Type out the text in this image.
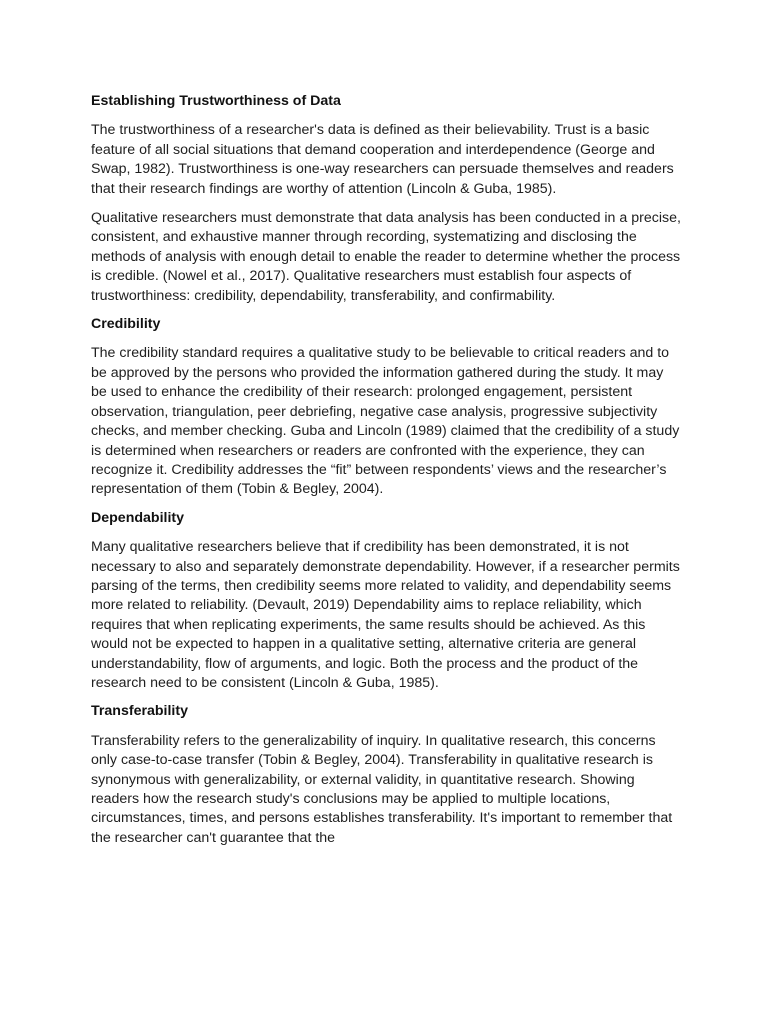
Establishing Trustworthiness of Data

The trustworthiness of a researcher's data is defined as their believability. Trust is a basic feature of all social situations that demand cooperation and interdependence (George and Swap, 1982). Trustworthiness is one-way researchers can persuade themselves and readers that their research findings are worthy of attention (Lincoln & Guba, 1985).

Qualitative researchers must demonstrate that data analysis has been conducted in a precise, consistent, and exhaustive manner through recording, systematizing and disclosing the methods of analysis with enough detail to enable the reader to determine whether the process is credible. (Nowel et al., 2017). Qualitative researchers must establish four aspects of trustworthiness: credibility, dependability, transferability, and confirmability.

Credibility

The credibility standard requires a qualitative study to be believable to critical readers and to be approved by the persons who provided the information gathered during the study. It may be used to enhance the credibility of their research: prolonged engagement, persistent observation, triangulation, peer debriefing, negative case analysis, progressive subjectivity checks, and member checking. Guba and Lincoln (1989) claimed that the credibility of a study is determined when researchers or readers are confronted with the experience, they can recognize it. Credibility addresses the “fit” between respondents’ views and the researcher’s representation of them (Tobin & Begley, 2004).

Dependability

Many qualitative researchers believe that if credibility has been demonstrated, it is not necessary to also and separately demonstrate dependability. However, if a researcher permits parsing of the terms, then credibility seems more related to validity, and dependability seems more related to reliability. (Devault, 2019) Dependability aims to replace reliability, which requires that when replicating experiments, the same results should be achieved. As this would not be expected to happen in a qualitative setting, alternative criteria are general understandability, flow of arguments, and logic. Both the process and the product of the research need to be consistent (Lincoln & Guba, 1985).

Transferability

Transferability refers to the generalizability of inquiry. In qualitative research, this concerns only case-to-case transfer (Tobin & Begley, 2004). Transferability in qualitative research is synonymous with generalizability, or external validity, in quantitative research. Showing readers how the research study's conclusions may be applied to multiple locations, circumstances, times, and persons establishes transferability. It's important to remember that the researcher can't guarantee that the
